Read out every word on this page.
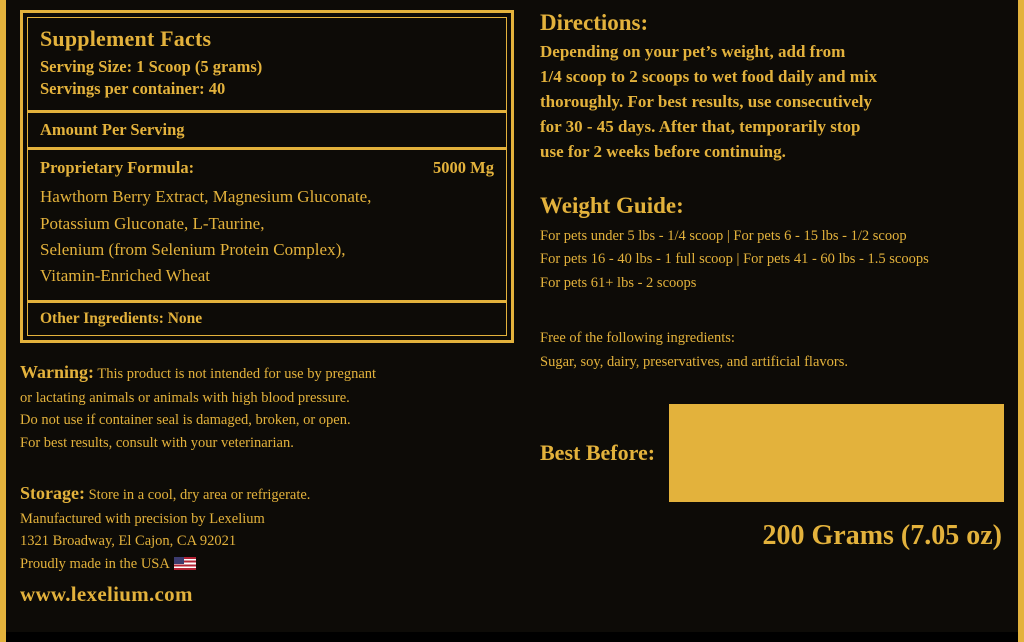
Supplement Facts
Serving Size: 1 Scoop (5 grams)
Servings per container: 40
Amount Per Serving
Proprietary Formula:	5000 Mg
Hawthorn Berry Extract, Magnesium Gluconate,
Potassium Gluconate, L-Taurine,
Selenium (from Selenium Protein Complex),
Vitamin-Enriched Wheat
Other Ingredients: None
Warning: This product is not intended for use by pregnant
or lactating animals or animals with high blood pressure.
Do not use if container seal is damaged, broken, or open.
For best results, consult with your veterinarian.
Storage: Store in a cool, dry area or refrigerate.
Manufactured with precision by Lexelium
1321 Broadway, El Cajon, CA 92021
Proudly made in the USA
www.lexelium.com
Directions:
Depending on your pet’s weight, add from
1/4 scoop to 2 scoops to wet food daily and mix
thoroughly. For best results, use consecutively
for 30 - 45 days. After that, temporarily stop
use for 2 weeks before continuing.
Weight Guide:
For pets under 5 lbs - 1/4 scoop | For pets 6 - 15 lbs - 1/2 scoop
For pets 16 - 40 lbs - 1 full scoop | For pets 41 - 60 lbs - 1.5 scoops
For pets 61+ lbs - 2 scoops
Free of the following ingredients:
Sugar, soy, dairy, preservatives, and artificial flavors.
Best Before:
200 Grams (7.05 oz)
